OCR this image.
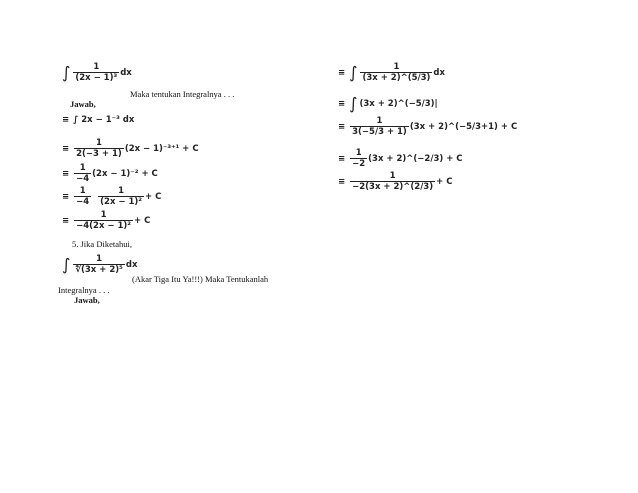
∫ $\frac{1}{\text{(2x − 1)³}}$ dx
Maka tentukan Integralnya . . .
Jawab,
≡ ∫ 2x − 1⁻³ dx
≡ $\frac{1}{2(-3 + 1)} (2x - 1)^{-3+1} + C$
≡ $\frac{1}{-4} (2x - 1)^{-2} + C$
≡ $\frac{1}{-4} \frac{1}{\text{(2x − 1)²}} + C$
≡ $\frac{1}{\text{−4(2x − 1)²}} + C$
5. Jika Diketahui,
∫ $\frac{1}{\text{∜(3x + 2)⁵}}$ dx
(Akar Tiga Itu Ya!!!) Maka Tentukanlah
Integralnya . . .
Jawab,
≡ ∫ $\frac{1}{(3x + 2)\^{}(5/3)}$ dx
≡ ∫ (3x + 2)^(−5/3)|
≡ $\frac{1}{3(-5/3 + 1)} (3x$ + 2)^(−5/3+1) + C
≡ $\frac{1}{-2} (3x$ + 2)^(−2/3) + C
≡ $\frac{1}{-2(3x + 2)\^{}(2/3)} + C$
